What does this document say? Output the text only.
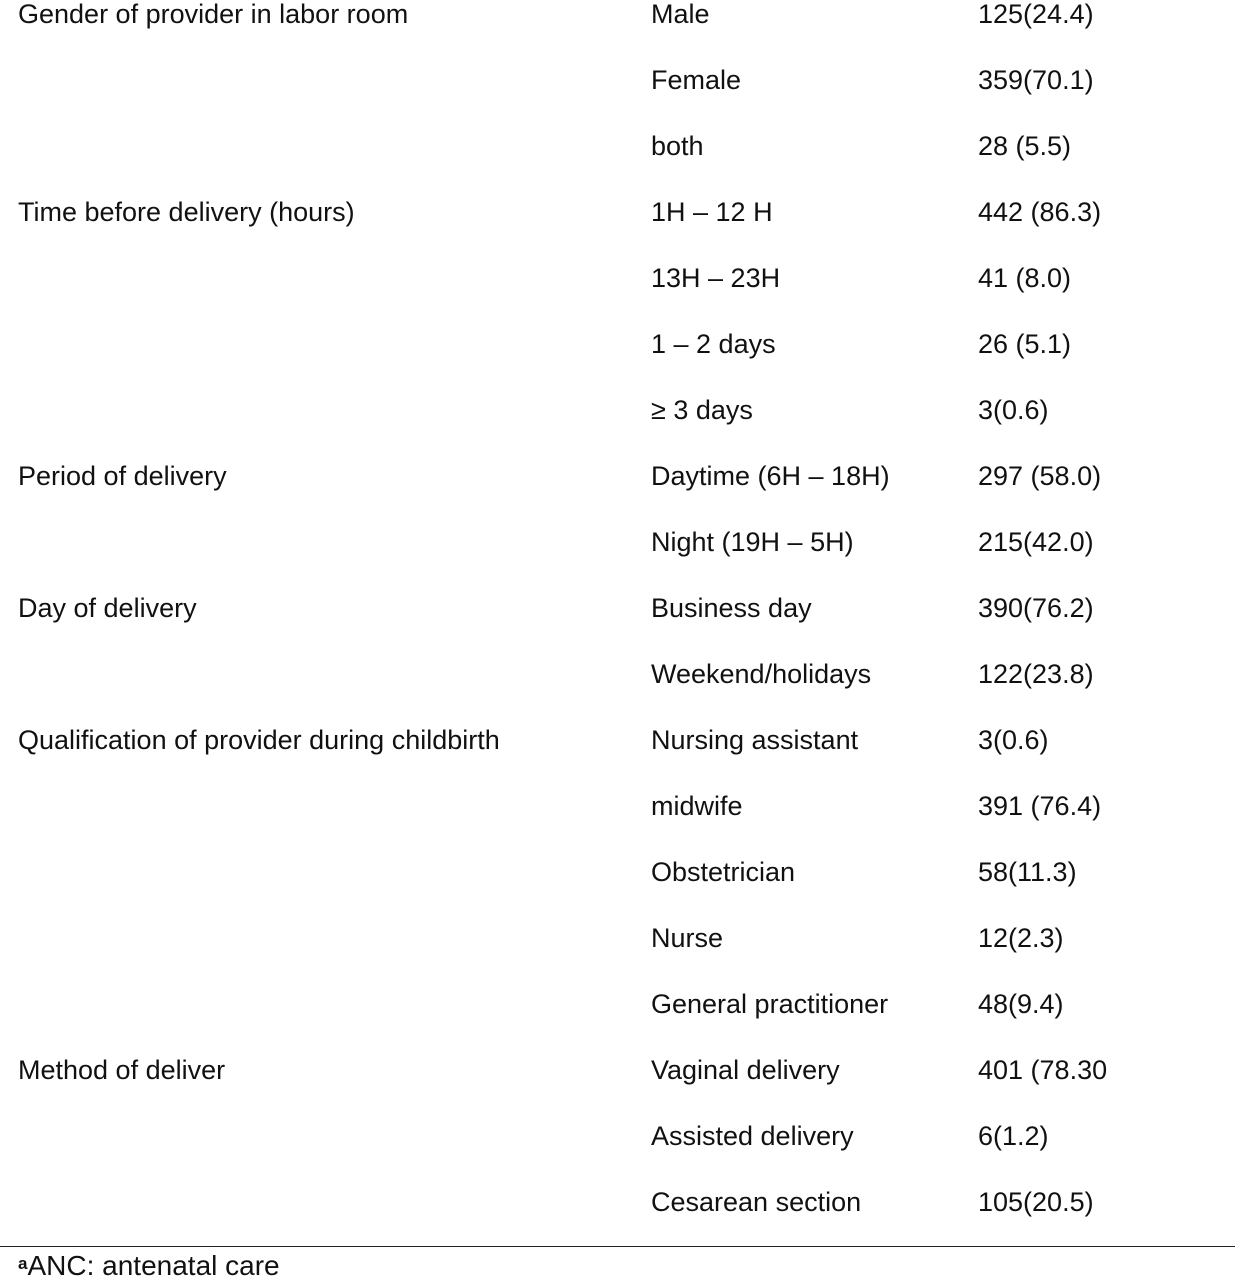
Gender of provider in labor room	Male	125(24.4)
Female	359(70.1)
both	28 (5.5)
Time before delivery (hours)	1H – 12 H	442 (86.3)
13H – 23H	41 (8.0)
1 – 2 days	26 (5.1)
≥ 3 days	3(0.6)
Period of delivery	Daytime (6H – 18H)	297 (58.0)
Night (19H – 5H)	215(42.0)
Day of delivery	Business day	390(76.2)
Weekend/holidays	122(23.8)
Qualification of provider during childbirth	Nursing assistant	3(0.6)
midwife	391 (76.4)
Obstetrician	58(11.3)
Nurse	12(2.3)
General practitioner	48(9.4)
Method of deliver	Vaginal delivery	401 (78.30
Assisted delivery	6(1.2)
Cesarean section	105(20.5)
$^a$ANC: antenatal care
